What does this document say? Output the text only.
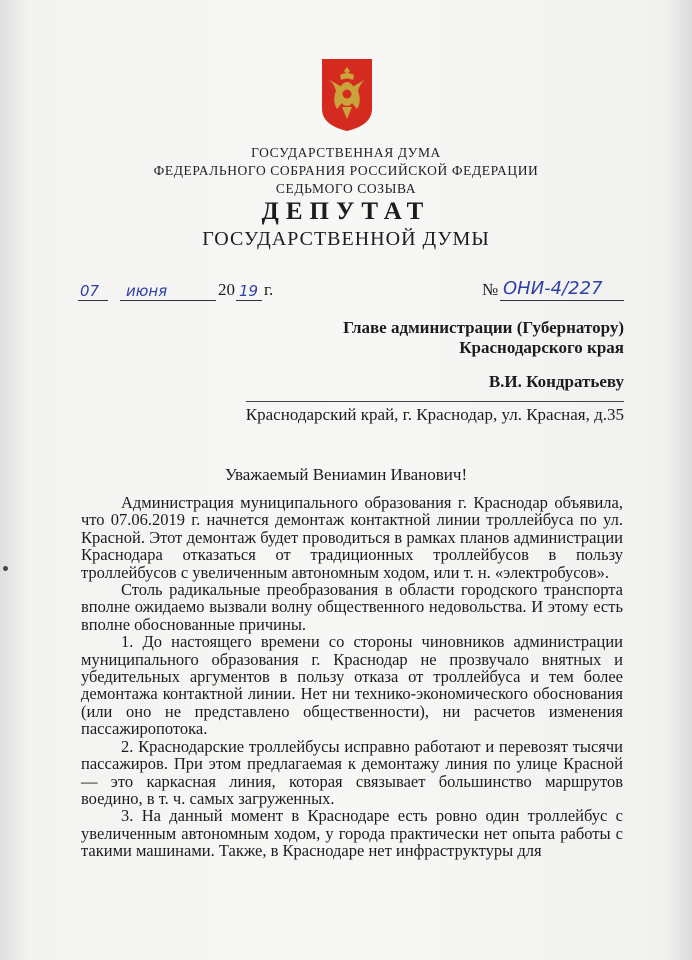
ГОСУДАРСТВЕННАЯ ДУМА
ФЕДЕРАЛЬНОГО СОБРАНИЯ РОССИЙСКОЙ ФЕДЕРАЦИИ
СЕДЬМОГО СОЗЫВА
ДЕПУТАТ
ГОСУДАРСТВЕННОЙ ДУМЫ
07 июня	20 19 г.	№ ОНИ-4/227
Главе администрации (Губернатору)
Краснодарского края
В.И. Кондратьеву
Краснодарский край, г. Краснодар, ул. Красная, д.35
Уважаемый Вениамин Иванович!

Администрация муниципального образования г. Краснодар объявила, что 07.06.2019 г. начнется демонтаж контактной линии троллейбуса по ул. Красной. Этот демонтаж будет проводиться в рамках планов администрации Краснодара отказаться от традиционных троллейбусов в пользу троллейбусов с увеличенным автономным ходом, или т. н. «электробусов».

Столь радикальные преобразования в области городского транспорта вполне ожидаемо вызвали волну общественного недовольства. И этому есть вполне обоснованные причины.

1. До настоящего времени со стороны чиновников администрации муниципального образования г. Краснодар не прозвучало внятных и убедительных аргументов в пользу отказа от троллейбуса и тем более демонтажа контактной линии. Нет ни технико-экономического обоснования (или оно не представлено общественности), ни расчетов изменения пассажиропотока.

2. Краснодарские троллейбусы исправно работают и перевозят тысячи пассажиров. При этом предлагаемая к демонтажу линия по улице Красной — это каркасная линия, которая связывает большинство маршрутов воедино, в т. ч. самых загруженных.

3. На данный момент в Краснодаре есть ровно один троллейбус с увеличенным автономным ходом, у города практически нет опыта работы с такими машинами. Также, в Краснодаре нет инфраструктуры для
